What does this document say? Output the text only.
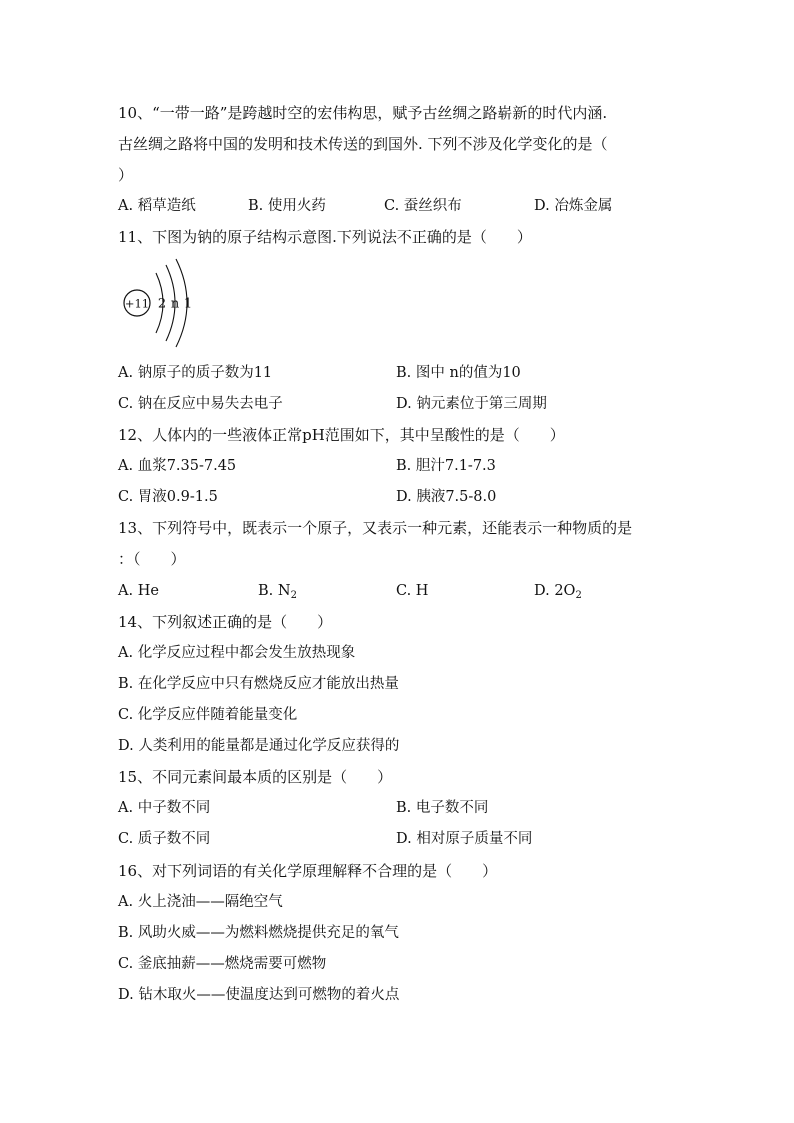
10、“一带一路”是跨越时空的宏伟构思，赋予古丝绸之路崭新的时代内涵.
古丝绸之路将中国的发明和技术传送的到国外. 下列不涉及化学变化的是（
）
A. 稻草造纸	B. 使用火药	C. 蚕丝织布	D. 冶炼金属
11、下图为钠的原子结构示意图.下列说法不正确的是（　　）
+11 2 n 1
A. 钠原子的质子数为11	B. 图中 n的值为10
C. 钠在反应中易失去电子	D. 钠元素位于第三周期
12、人体内的一些液体正常pH范围如下，其中呈酸性的是（　　）
A. 血浆7.35-7.45	B. 胆汁7.1-7.3
C. 胃液0.9-1.5	D. 胰液7.5-8.0
13、下列符号中，既表示一个原子，又表示一种元素，还能表示一种物质的是
：（　　）
A. He	B. $N_2$	C. H	D. $2O_2$
14、下列叙述正确的是（　　）
A. 化学反应过程中都会发生放热现象
B. 在化学反应中只有燃烧反应才能放出热量
C. 化学反应伴随着能量变化
D. 人类利用的能量都是通过化学反应获得的
15、不同元素间最本质的区别是（　　）
A. 中子数不同	B. 电子数不同
C. 质子数不同	D. 相对原子质量不同
16、对下列词语的有关化学原理解释不合理的是（　　）
A. 火上浇油——隔绝空气
B. 风助火威——为燃料燃烧提供充足的氧气
C. 釜底抽薪——燃烧需要可燃物
D. 钻木取火——使温度达到可燃物的着火点
